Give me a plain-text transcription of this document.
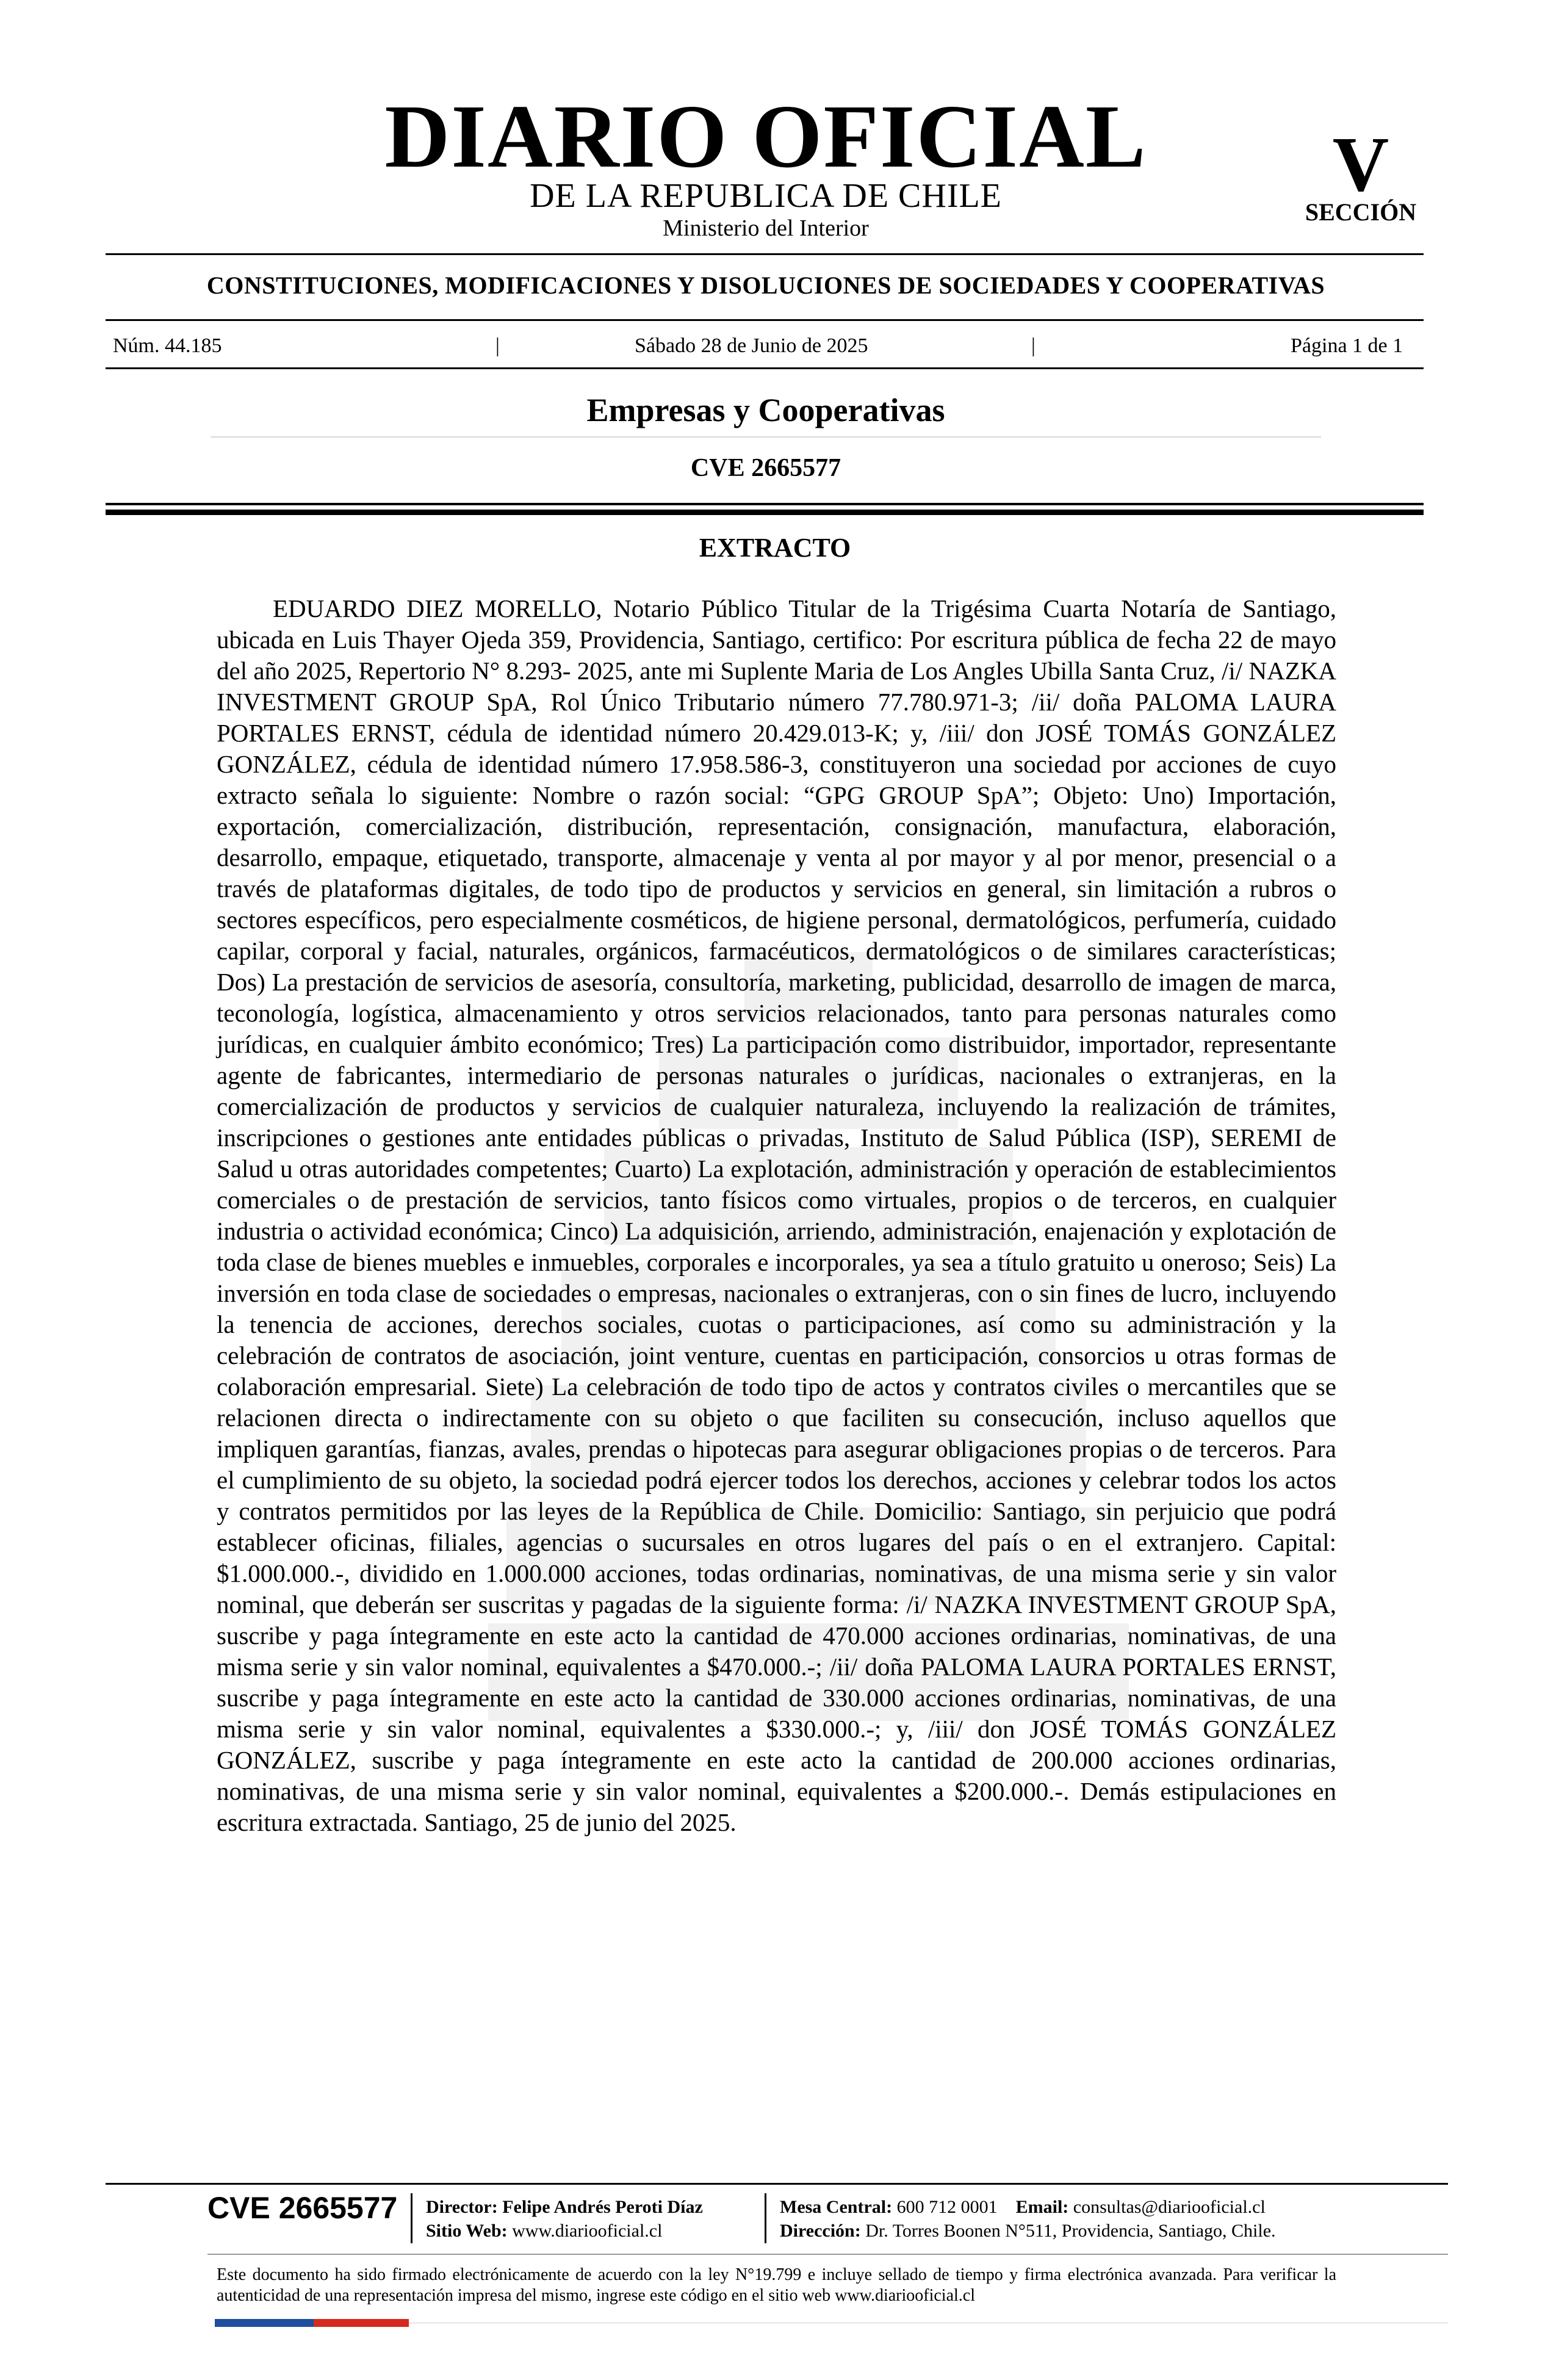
DIARIO OFICIAL
DE LA REPUBLICA DE CHILE
Ministerio del Interior
V
SECCIÓN
CONSTITUCIONES, MODIFICACIONES Y DISOLUCIONES DE SOCIEDADES Y COOPERATIVAS
Núm. 44.185	|	Sábado 28 de Junio de 2025	|	Página 1 de 1
Empresas y Cooperativas
CVE 2665577
EXTRACTO
EDUARDO DIEZ MORELLO, Notario Público Titular de la Trigésima Cuarta Notaría de Santiago, ubicada en Luis Thayer Ojeda 359, Providencia, Santiago, certifico: Por escritura pública de fecha 22 de mayo del año 2025, Repertorio N° 8.293- 2025, ante mi Suplente Maria de Los Angles Ubilla Santa Cruz, /i/ NAZKA INVESTMENT GROUP SpA, Rol Único Tributario número 77.780.971-3; /ii/ doña PALOMA LAURA PORTALES ERNST, cédula de identidad número 20.429.013-K; y, /iii/ don JOSÉ TOMÁS GONZÁLEZ GONZÁLEZ, cédula de identidad número 17.958.586-3, constituyeron una sociedad por acciones de cuyo extracto señala lo siguiente: Nombre o razón social: “GPG GROUP SpA”; Objeto: Uno) Importación, exportación, comercialización, distribución, representación, consignación, manufactura, elaboración, desarrollo, empaque, etiquetado, transporte, almacenaje y venta al por mayor y al por menor, presencial o a través de plataformas digitales, de todo tipo de productos y servicios en general, sin limitación a rubros o sectores específicos, pero especialmente cosméticos, de higiene personal, dermatológicos, perfumería, cuidado capilar, corporal y facial, naturales, orgánicos, farmacéuticos, dermatológicos o de similares características; Dos) La prestación de servicios de asesoría, consultoría, marketing, publicidad, desarrollo de imagen de marca, teconología, logística, almacenamiento y otros servicios relacionados, tanto para personas naturales como jurídicas, en cualquier ámbito económico; Tres) La participación como distribuidor, importador, representante agente de fabricantes, intermediario de personas naturales o jurídicas, nacionales o extranjeras, en la comercialización de productos y servicios de cualquier naturaleza, incluyendo la realización de trámites, inscripciones o gestiones ante entidades públicas o privadas, Instituto de Salud Pública (ISP), SEREMI de Salud u otras autoridades competentes; Cuarto) La explotación, administración y operación de establecimientos comerciales o de prestación de servicios, tanto físicos como virtuales, propios o de terceros, en cualquier industria o actividad económica; Cinco) La adquisición, arriendo, administración, enajenación y explotación de toda clase de bienes muebles e inmuebles, corporales e incorporales, ya sea a título gratuito u oneroso; Seis) La inversión en toda clase de sociedades o empresas, nacionales o extranjeras, con o sin fines de lucro, incluyendo la tenencia de acciones, derechos sociales, cuotas o participaciones, así como su administración y la celebración de contratos de asociación, joint venture, cuentas en participación, consorcios u otras formas de colaboración empresarial. Siete) La celebración de todo tipo de actos y contratos civiles o mercantiles que se relacionen directa o indirectamente con su objeto o que faciliten su consecución, incluso aquellos que impliquen garantías, fianzas, avales, prendas o hipotecas para asegurar obligaciones propias o de terceros. Para el cumplimiento de su objeto, la sociedad podrá ejercer todos los derechos, acciones y celebrar todos los actos y contratos permitidos por las leyes de la República de Chile. Domicilio: Santiago, sin perjuicio que podrá establecer oficinas, filiales, agencias o sucursales en otros lugares del país o en el extranjero. Capital: $1.000.000.-, dividido en 1.000.000 acciones, todas ordinarias, nominativas, de una misma serie y sin valor nominal, que deberán ser suscritas y pagadas de la siguiente forma: /i/ NAZKA INVESTMENT GROUP SpA, suscribe y paga íntegramente en este acto la cantidad de 470.000 acciones ordinarias, nominativas, de una misma serie y sin valor nominal, equivalentes a $470.000.-; /ii/ doña PALOMA LAURA PORTALES ERNST, suscribe y paga íntegramente en este acto la cantidad de 330.000 acciones ordinarias, nominativas, de una misma serie y sin valor nominal, equivalentes a $330.000.-; y, /iii/ don JOSÉ TOMÁS GONZÁLEZ GONZÁLEZ, suscribe y paga íntegramente en este acto la cantidad de 200.000 acciones ordinarias, nominativas, de una misma serie y sin valor nominal, equivalentes a $200.000.-. Demás estipulaciones en escritura extractada. Santiago, 25 de junio del 2025.
CVE 2665577 Director: Felipe Andrés Peroti Díaz
Sitio Web: www.diariooficial.cl
Mesa Central: 600 712 0001 Email: consultas@diariooficial.cl
Dirección: Dr. Torres Boonen N°511, Providencia, Santiago, Chile.
Este documento ha sido firmado electrónicamente de acuerdo con la ley N°19.799 e incluye sellado de tiempo y firma electrónica avanzada. Para verificar la autenticidad de una representación impresa del mismo, ingrese este código en el sitio web www.diariooficial.cl
